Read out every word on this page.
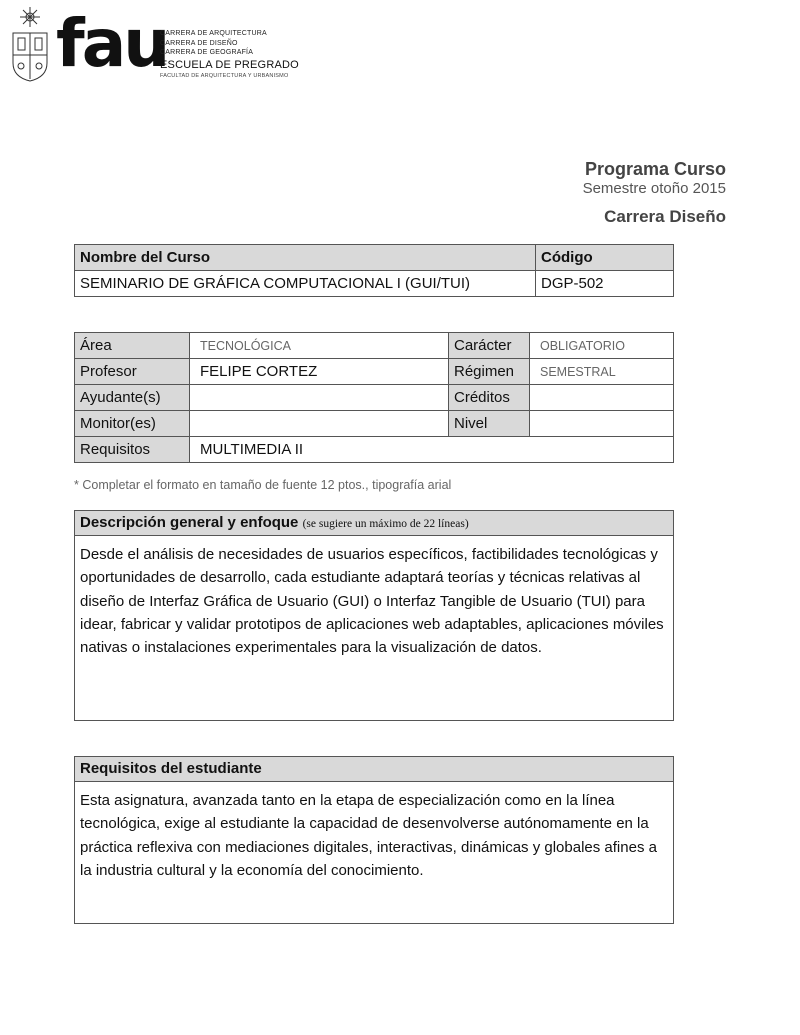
fau
CARRERA DE ARQUITECTURA
CARRERA DE DISEÑO
CARRERA DE GEOGRAFÍA
ESCUELA DE PREGRADO
FACULTAD DE ARQUITECTURA Y URBANISMO
Programa Curso
Semestre otoño 2015
Carrera Diseño
Nombre del Curso	Código
SEMINARIO DE GRÁFICA COMPUTACIONAL I (GUI/TUI)	DGP-502
Área	TECNOLÓGICA	Carácter	OBLIGATORIO
Profesor	FELIPE CORTEZ	Régimen	SEMESTRAL
Ayudante(s)		Créditos	
Monitor(es)		Nivel	
Requisitos	MULTIMEDIA II		
* Completar el formato en tamaño de fuente 12 ptos., tipografía arial
Descripción general y enfoque (se sugiere un máximo de 22 líneas)
Desde el análisis de necesidades de usuarios específicos, factibilidades tecnológicas y oportunidades de desarrollo, cada estudiante adaptará teorías y técnicas relativas al diseño de Interfaz Gráfica de Usuario (GUI) o Interfaz Tangible de Usuario (TUI) para idear, fabricar y validar prototipos de aplicaciones web adaptables, aplicaciones móviles nativas o instalaciones experimentales para la visualización de datos.
Requisitos del estudiante
Esta asignatura, avanzada tanto en la etapa de especialización como en la línea tecnológica, exige al estudiante la capacidad de desenvolverse autónomamente en la práctica reflexiva con mediaciones digitales, interactivas, dinámicas y globales afines a la industria cultural y la economía del conocimiento.
